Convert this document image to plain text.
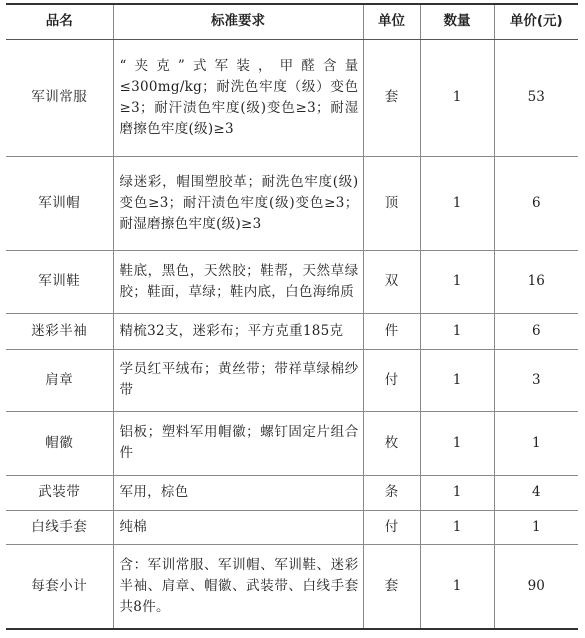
品名	标准要求	单位	数量	单价(元)
军训常服	“夹克”式军装，甲醛含量≤300mg/kg；耐洗色牢度（级）变色≥3；耐汗渍色牢度(级)变色≥3；耐湿磨擦色牢度(级)≥3	套	1	53
军训帽	绿迷彩，帽围塑胶革；耐洗色牢度(级)变色≥3；耐汗渍色牢度(级)变色≥3；耐湿磨擦色牢度(级)≥3	顶	1	6
军训鞋	鞋底，黑色，天然胶；鞋帮，天然草绿胶；鞋面，草绿；鞋内底，白色海绵质	双	1	16
迷彩半袖	精梳32支，迷彩布；平方克重185克	件	1	6
肩章	学员红平绒布；黄丝带；带祥草绿棉纱带	付	1	3
帽徽	铝板；塑料军用帽徽；螺钉固定片组合件	枚	1	1
武装带	军用，棕色	条	1	4
白线手套	纯棉	付	1	1
每套小计	含：军训常服、军训帽、军训鞋、迷彩半袖、肩章、帽徽、武装带、白线手套共8件。	套	1	90
